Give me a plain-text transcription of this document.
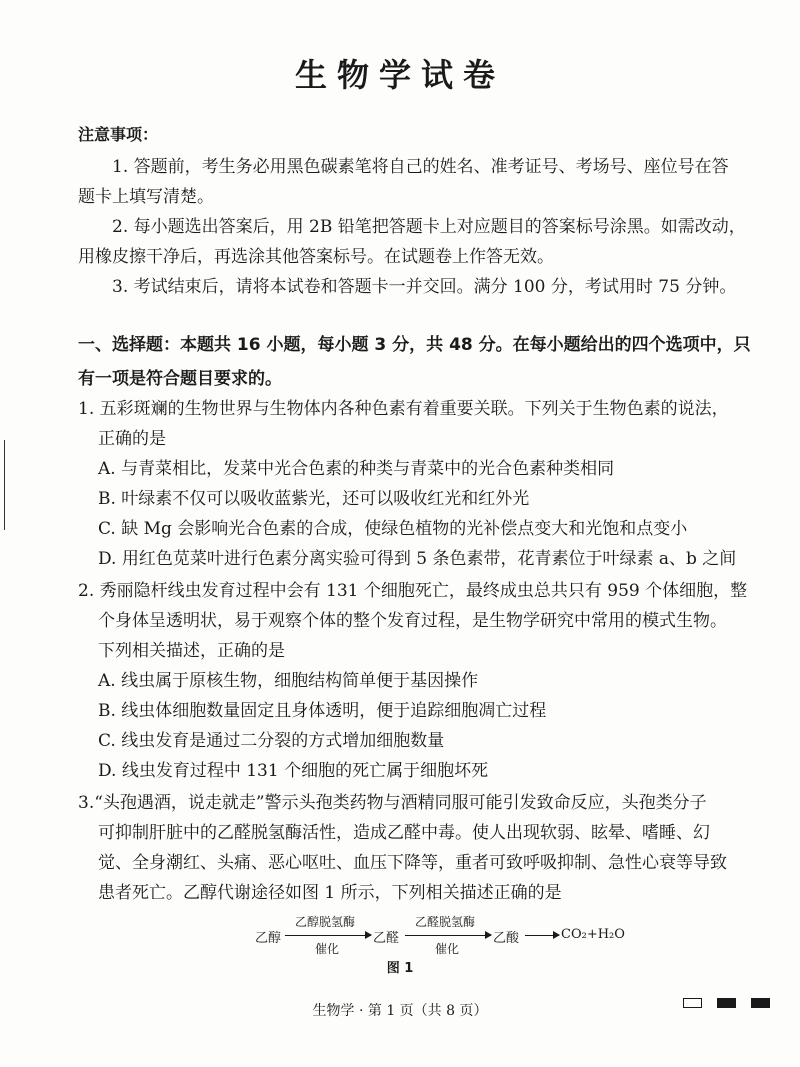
生物学试卷
注意事项：
1. 答题前，考生务必用黑色碳素笔将自己的姓名、准考证号、考场号、座位号在答
题卡上填写清楚。
2. 每小题选出答案后，用 2B 铅笔把答题卡上对应题目的答案标号涂黑。如需改动，
用橡皮擦干净后，再选涂其他答案标号。在试题卷上作答无效。
3. 考试结束后，请将本试卷和答题卡一并交回。满分 100 分，考试用时 75 分钟。
一、选择题：本题共 16 小题，每小题 3 分，共 48 分。在每小题给出的四个选项中，只
有一项是符合题目要求的。
1. 五彩斑斓的生物世界与生物体内各种色素有着重要关联。下列关于生物色素的说法，
正确的是
A. 与青菜相比，发菜中光合色素的种类与青菜中的光合色素种类相同
B. 叶绿素不仅可以吸收蓝紫光，还可以吸收红光和红外光
C. 缺 Mg 会影响光合色素的合成，使绿色植物的光补偿点变大和光饱和点变小
D. 用红色苋菜叶进行色素分离实验可得到 5 条色素带，花青素位于叶绿素 a、b 之间
2. 秀丽隐杆线虫发育过程中会有 131 个细胞死亡，最终成虫总共只有 959 个体细胞，整
个身体呈透明状，易于观察个体的整个发育过程，是生物学研究中常用的模式生物。
下列相关描述，正确的是
A. 线虫属于原核生物，细胞结构简单便于基因操作
B. 线虫体细胞数量固定且身体透明，便于追踪细胞凋亡过程
C. 线虫发育是通过二分裂的方式增加细胞数量
D. 线虫发育过程中 131 个细胞的死亡属于细胞坏死
3.“头孢遇酒，说走就走”警示头孢类药物与酒精同服可能引发致命反应，头孢类分子
可抑制肝脏中的乙醛脱氢酶活性，造成乙醛中毒。使人出现软弱、眩晕、嗜睡、幻
觉、全身潮红、头痛、恶心呕吐、血压下降等，重者可致呼吸抑制、急性心衰等导致
患者死亡。乙醇代谢途径如图 1 所示，下列相关描述正确的是
乙醇
乙醇脱氢酶
催化
乙醛
乙醛脱氢酶
催化
乙酸	CO₂+H₂O
图 1
生物学 · 第 1 页（共 8 页）
